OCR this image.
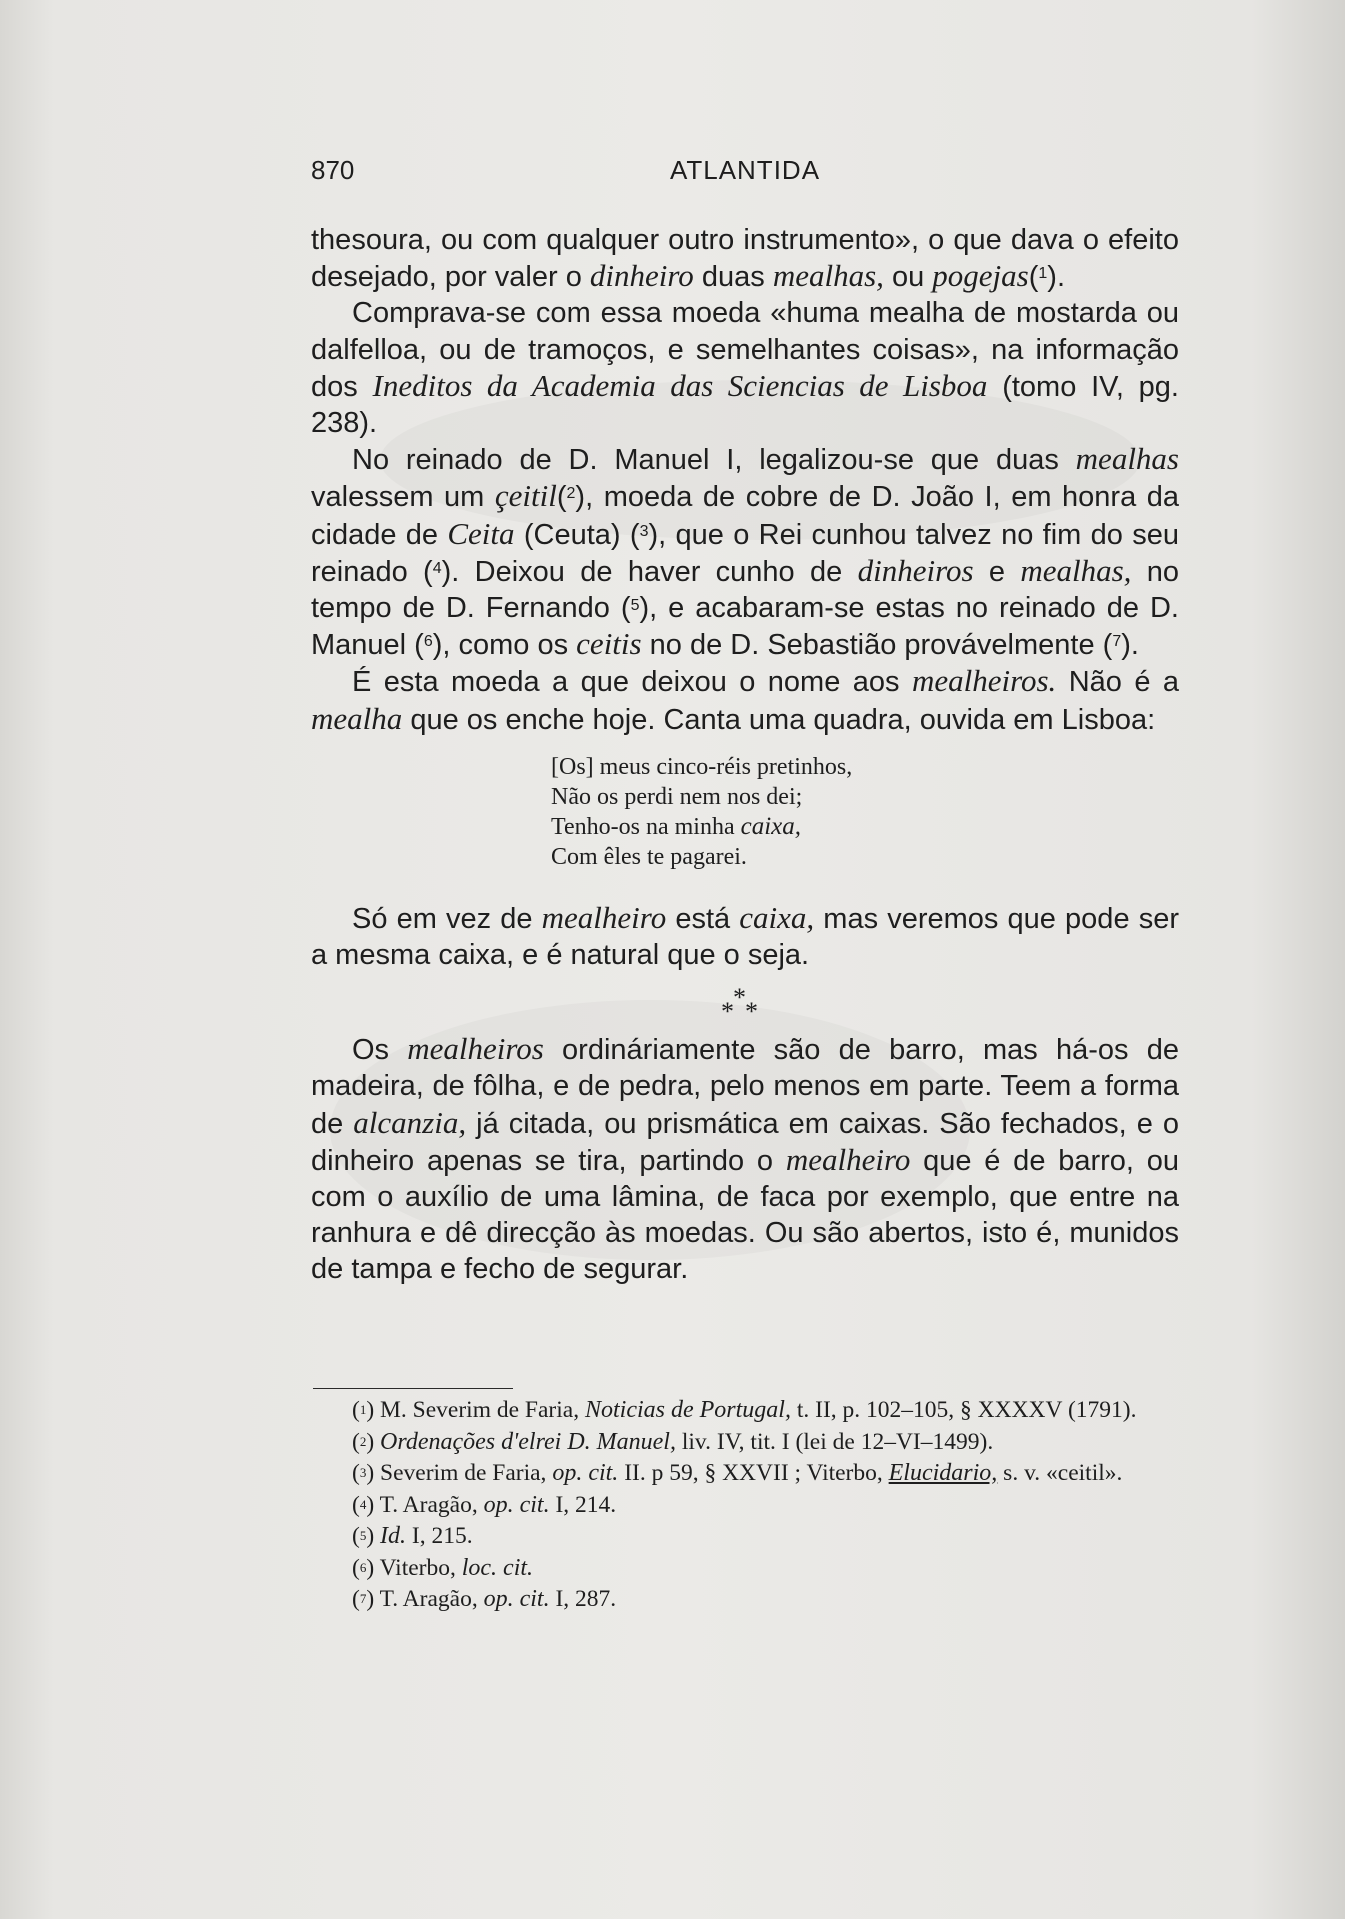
870	ATLANTIDA

thesoura, ou com qualquer outro instrumento», o que dava o efeito desejado, por valer o dinheiro duas mealhas, ou pogejas($^1$).

Comprava-se com essa moeda «huma mealha de mostarda ou dalfelloa, ou de tramoços, e semelhantes coisas», na informação dos Ineditos da Academia das Sciencias de Lisboa (tomo IV, pg. 238).

No reinado de D. Manuel I, legalizou-se que duas mealhas valessem um çeitil($^2$), moeda de cobre de D. João I, em honra da cidade de Ceita (Ceuta) ($^3$), que o Rei cunhou talvez no fim do seu reinado ($^4$). Deixou de haver cunho de dinheiros e mealhas, no tempo de D. Fernando ($^5$), e acabaram-se estas no reinado de D. Manuel ($^6$), como os ceitis no de D. Sebastião provávelmente ($^7$).

É esta moeda a que deixou o nome aos mealheiros. Não é a mealha que os enche hoje. Canta uma quadra, ouvida em Lisboa:

[Os] meus cinco-réis pretinhos,
Não os perdi nem nos dei;
Tenho-os na minha caixa,
Com êles te pagarei.

Só em vez de mealheiro está caixa, mas veremos que pode ser a mesma caixa, e é natural que o seja.

*
* *

Os mealheiros ordináriamente são de barro, mas há-os de madeira, de fôlha, e de pedra, pelo menos em parte. Teem a forma de alcanzia, já citada, ou prismática em caixas. São fechados, e o dinheiro apenas se tira, partindo o mealheiro que é de barro, ou com o auxílio de uma lâmina, de faca por exemplo, que entre na ranhura e dê direcção às moedas. Ou são abertos, isto é, munidos de tampa e fecho de segurar.

($^1$) M. Severim de Faria, Noticias de Portugal, t. II, p. 102–105, § XXXXV (1791).
($^2$) Ordenações d'elrei D. Manuel, liv. IV, tit. I (lei de 12–VI–1499).
($^3$) Severim de Faria, op. cit. II. p 59, § XXVII ; Viterbo, Elucidario, s. v. «ceitil».
($^4$) T. Aragão, op. cit. I, 214.
($^5$) Id. I, 215.
($^6$) Viterbo, loc. cit.
($^7$) T. Aragão, op. cit. I, 287.
